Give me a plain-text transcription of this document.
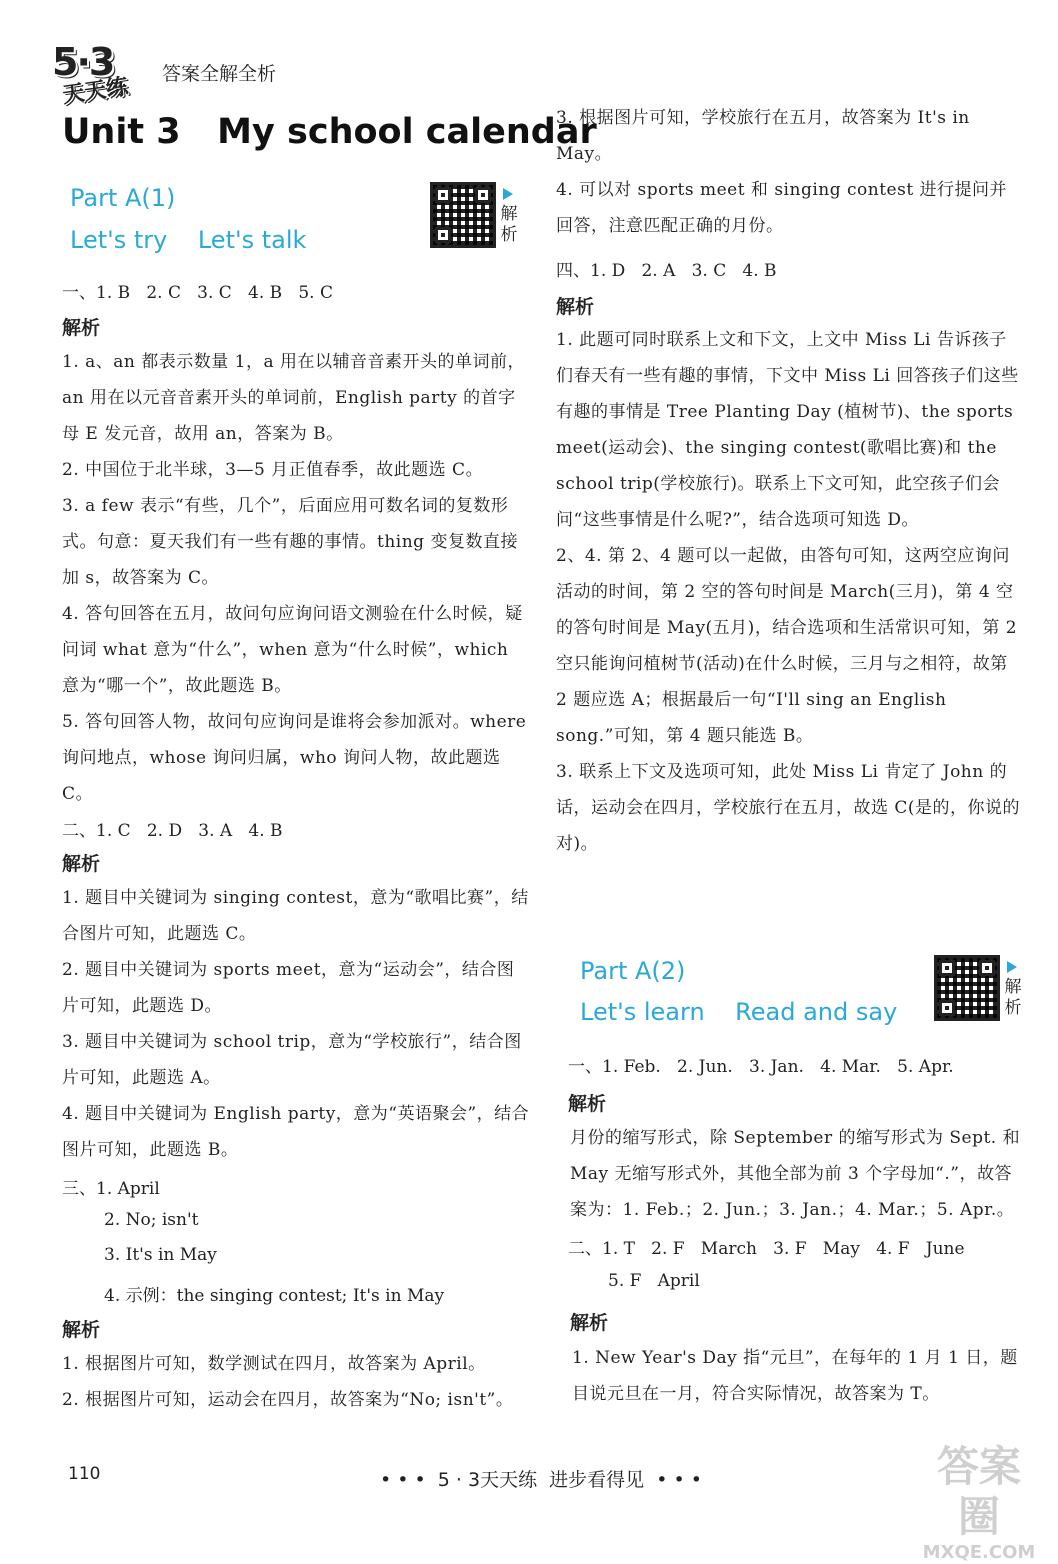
5·3
天天练
答案全解全析
Unit 3   My school calendar
Part A(1)
Let's try    Let's talk
解析
一、1. B   2. C   3. C   4. B   5. C
解析
1. a、an 都表示数量 1，a 用在以辅音音素开头的单词前，an 用在以元音音素开头的单词前，English party 的首字母 E 发元音，故用 an，答案为 B。
2. 中国位于北半球，3—5 月正值春季，故此题选 C。
3. a few 表示“有些，几个”，后面应用可数名词的复数形式。句意：夏天我们有一些有趣的事情。thing 变复数直接加 s，故答案为 C。
4. 答句回答在五月，故问句应询问语文测验在什么时候，疑问词 what 意为“什么”，when 意为“什么时候”，which 意为“哪一个”，故此题选 B。
5. 答句回答人物，故问句应询问是谁将会参加派对。where 询问地点，whose 询问归属，who 询问人物，故此题选 C。
二、1. C   2. D   3. A   4. B
解析
1. 题目中关键词为 singing contest，意为“歌唱比赛”，结合图片可知，此题选 C。
2. 题目中关键词为 sports meet，意为“运动会”，结合图片可知，此题选 D。
3. 题目中关键词为 school trip，意为“学校旅行”，结合图片可知，此题选 A。
4. 题目中关键词为 English party，意为“英语聚会”，结合图片可知，此题选 B。
三、1. April
2. No; isn't
3. It's in May
4. 示例：the singing contest; It's in May
解析
1. 根据图片可知，数学测试在四月，故答案为 April。
2. 根据图片可知，运动会在四月，故答案为“No; isn't”。
3. 根据图片可知，学校旅行在五月，故答案为 It's in May。
4. 可以对 sports meet 和 singing contest 进行提问并回答，注意匹配正确的月份。
四、1. D   2. A   3. C   4. B
解析
1. 此题可同时联系上文和下文，上文中 Miss Li 告诉孩子们春天有一些有趣的事情，下文中 Miss Li 回答孩子们这些有趣的事情是 Tree Planting Day (植树节)、the sports meet(运动会)、the singing contest(歌唱比赛)和 the school trip(学校旅行)。联系上下文可知，此空孩子们会问“这些事情是什么呢?”，结合选项可知选 D。
2、4. 第 2、4 题可以一起做，由答句可知，这两空应询问活动的时间，第 2 空的答句时间是 March(三月)，第 4 空的答句时间是 May(五月)，结合选项和生活常识可知，第 2 空只能询问植树节(活动)在什么时候，三月与之相符，故第 2 题应选 A；根据最后一句“I'll sing an English song.”可知，第 4 题只能选 B。
3. 联系上下文及选项可知，此处 Miss Li 肯定了 John 的话，运动会在四月，学校旅行在五月，故选 C(是的，你说的对)。
Part A(2)
Let's learn    Read and say
解析
一、1. Feb.   2. Jun.   3. Jan.   4. Mar.   5. Apr.
解析
月份的缩写形式，除 September 的缩写形式为 Sept. 和 May 无缩写形式外，其他全部为前 3 个字母加“.”，故答案为：1. Feb.；2. Jun.；3. Jan.；4. Mar.；5. Apr.。
二、1. T   2. F   March   3. F   May   4. F   June
5. F   April
解析
1. New Year's Day 指“元旦”，在每年的 1 月 1 日，题目说元旦在一月，符合实际情况，故答案为 T。
110	• • •  5 · 3天天练  进步看得见  • • •	答案圈
MXQE.COM
